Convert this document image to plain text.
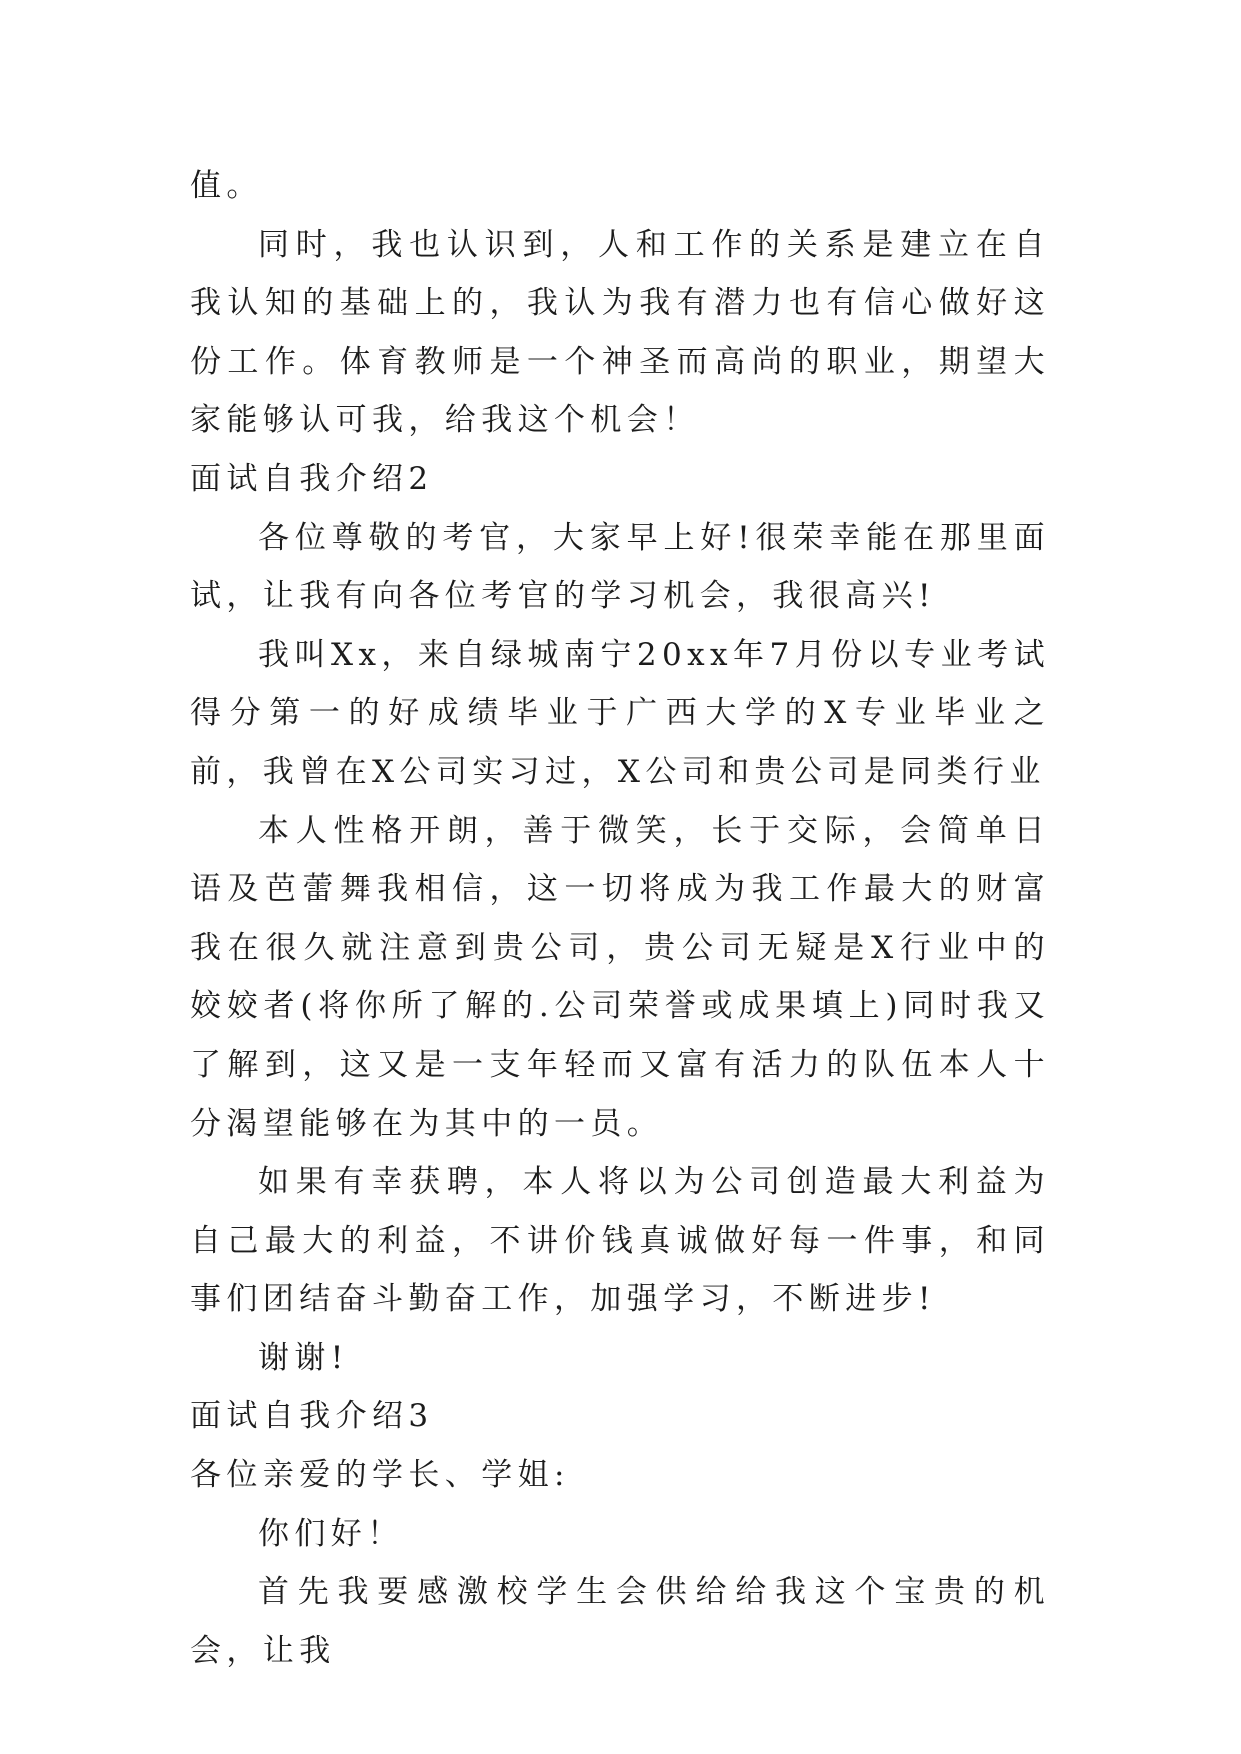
值。

同时，我也认识到，人和工作的关系是建立在自我认知的基础上的，我认为我有潜力也有信心做好这份工作。体育教师是一个神圣而高尚的职业，期望大家能够认可我，给我这个机会！

面试自我介绍2

各位尊敬的考官，大家早上好!很荣幸能在那里面试，让我有向各位考官的学习机会，我很高兴!

我叫Xx，来自绿城南宁20xx年7月份以专业考试得分第一的好成绩毕业于广西大学的X专业毕业之前，我曾在X公司实习过，X公司和贵公司是同类行业

本人性格开朗，善于微笑，长于交际，会简单日语及芭蕾舞我相信，这一切将成为我工作最大的财富我在很久就注意到贵公司，贵公司无疑是X行业中的姣姣者(将你所了解的.公司荣誉或成果填上)同时我又了解到，这又是一支年轻而又富有活力的队伍本人十分渴望能够在为其中的一员。

如果有幸获聘，本人将以为公司创造最大利益为自己最大的利益，不讲价钱真诚做好每一件事，和同事们团结奋斗勤奋工作，加强学习，不断进步!

谢谢!

面试自我介绍3

各位亲爱的学长、学姐:

你们好！

首先我要感激校学生会供给给我这个宝贵的机会，让我
